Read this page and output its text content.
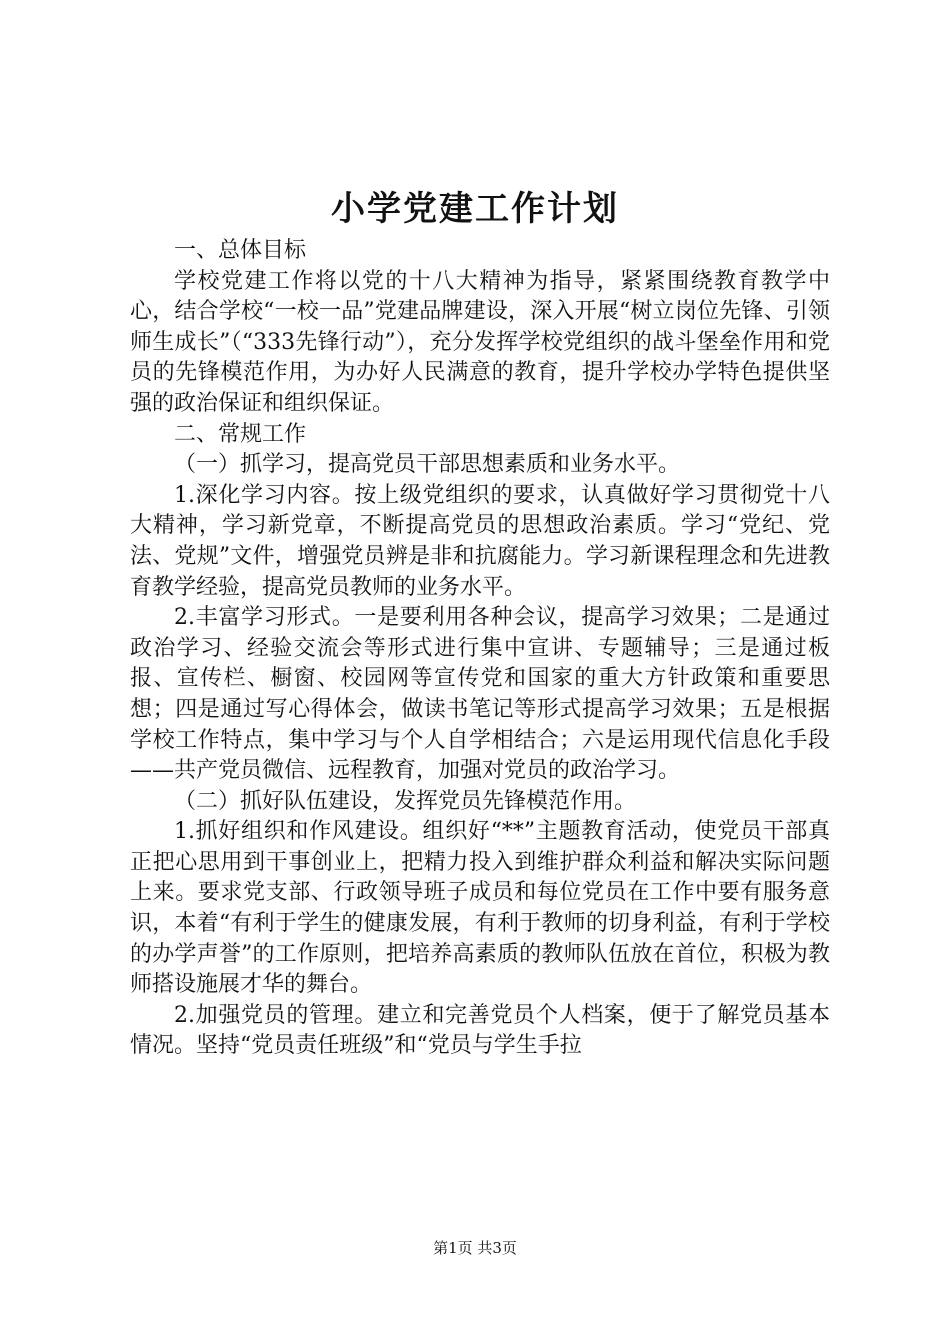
小学党建工作计划

一、总体目标

学校党建工作将以党的十八大精神为指导，紧紧围绕教育教学中心，结合学校“一校一品”党建品牌建设，深入开展“树立岗位先锋、引领师生成长”（“333先锋行动”），充分发挥学校党组织的战斗堡垒作用和党员的先锋模范作用，为办好人民满意的教育，提升学校办学特色提供坚强的政治保证和组织保证。

二、常规工作

（一）抓学习，提高党员干部思想素质和业务水平。

1.深化学习内容。按上级党组织的要求，认真做好学习贯彻党十八大精神，学习新党章，不断提高党员的思想政治素质。学习“党纪、党法、党规”文件，增强党员辨是非和抗腐能力。学习新课程理念和先进教育教学经验，提高党员教师的业务水平。

2.丰富学习形式。一是要利用各种会议，提高学习效果；二是通过政治学习、经验交流会等形式进行集中宣讲、专题辅导；三是通过板报、宣传栏、橱窗、校园网等宣传党和国家的重大方针政策和重要思想；四是通过写心得体会，做读书笔记等形式提高学习效果；五是根据学校工作特点，集中学习与个人自学相结合；六是运用现代信息化手段——共产党员微信、远程教育，加强对党员的政治学习。

（二）抓好队伍建设，发挥党员先锋模范作用。

1.抓好组织和作风建设。组织好“**”主题教育活动，使党员干部真正把心思用到干事创业上，把精力投入到维护群众利益和解决实际问题上来。要求党支部、行政领导班子成员和每位党员在工作中要有服务意识，本着“有利于学生的健康发展，有利于教师的切身利益，有利于学校的办学声誉”的工作原则，把培养高素质的教师队伍放在首位，积极为教师搭设施展才华的舞台。

2.加强党员的管理。建立和完善党员个人档案，便于了解党员基本情况。坚持“党员责任班级”和“党员与学生手拉

第1页 共3页
